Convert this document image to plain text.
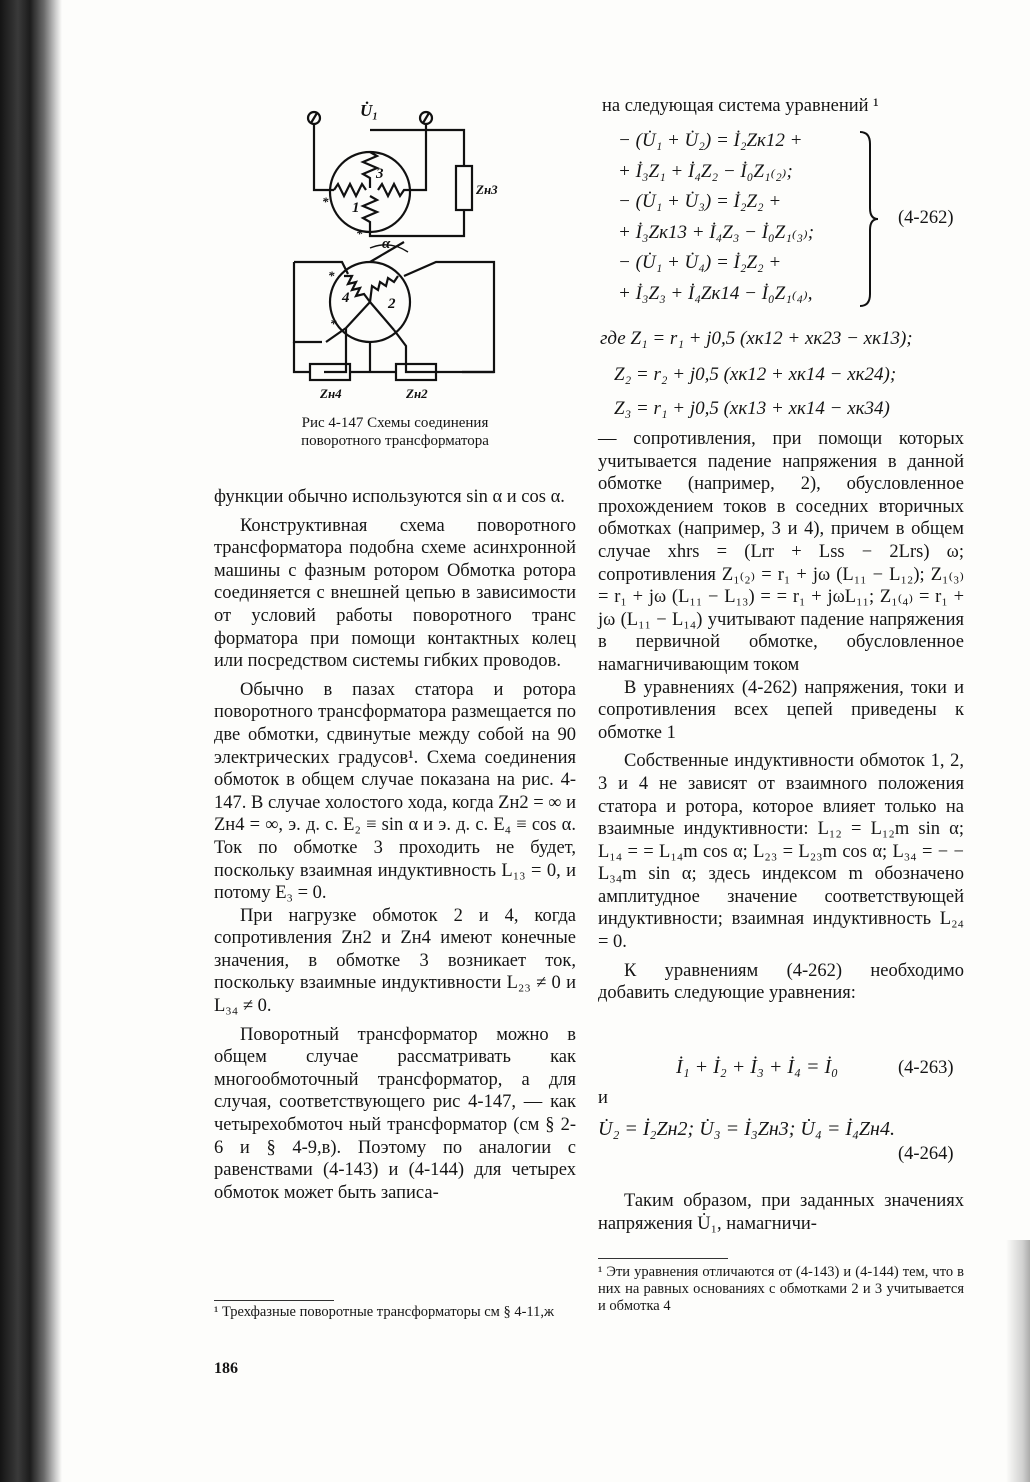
U̇₁
Zн3
3
1
*
*
α
4	2
*
*
Zн4	Zн2
Рис 4-147 Схемы соединения поворотного трансформатора

функции обычно используются sin α и cos α.

Конструктивная схема поворотного трансформатора подобна схеме асинхронной машины с фазным ротором Обмотка ротора соединяется с внешней цепью в зависимости от условий работы поворотного транс форматора при помощи контактных колец или посредством системы гибких проводов.

Обычно в пазах статора и ротора поворотного трансформатора размещается по две обмотки, сдвинутые между собой на 90 электрических градусов¹. Схема соединения обмоток в общем случае показана на рис. 4-147. В случае холостого хода, когда Zн2 = ∞ и Zн4 = ∞, э. д. с. E₂ ≡ sin α и э. д. с. E₄ ≡ cos α. Ток по обмотке 3 проходить не будет, поскольку взаимная индуктивность L₁₃ = 0, и потому E₃ = 0.

При нагрузке обмоток 2 и 4, когда сопротивления Zн2 и Zн4 имеют конечные значения, в обмотке 3 возникает ток, поскольку взаимные индуктивности L₂₃ ≠ 0 и L₃₄ ≠ 0.

Поворотный трансформатор можно в общем случае рассматривать как многообмоточный трансформатор, а для случая, соответствующего рис 4-147, — как четырехобмоточ ный трансформатор (см § 2-6 и § 4-9,в). Поэтому по аналогии с равенствами (4-143) и (4-144) для четырех обмоток может быть записа-

¹ Трехфазные поворотные трансформаторы см § 4-11,ж
186
на следующая система уравнений ¹
− (U̇₁ + U̇₂) = İ₂Zк12 +
+ İ₃Z₁ + İ₄Z₂ − İ₀Z₁₍₂₎;
− (U̇₁ + U̇₃) = İ₂Z₂ +
+ İ₃Zк13 + İ₄Z₃ − İ₀Z₁₍₃₎;
− (U̇₁ + U̇₄) = İ₂Z₂ +
+ İ₃Z₃ + İ₄Zк14 − İ₀Z₁₍₄₎,
(4-262)
где Z₁ = r₁ + j0,5 (xк12 + xк23 − xк13);
Z₂ = r₂ + j0,5 (xк12 + xк14 − xк24);
Z₃ = r₁ + j0,5 (xк13 + xк14 − xк34)

— сопротивления, при помощи которых учитывается падение напряжения в данной обмотке (например, 2), обусловленное прохождением токов в соседних вторичных обмотках (например, 3 и 4), причем в общем случае xhrs = (Lrr + Lss − 2Lrs) ω; сопротивления Z₁₍₂₎ = r₁ + jω (L₁₁ − L₁₂); Z₁₍₃₎ = r₁ + jω (L₁₁ − L₁₃) = = r₁ + jωL₁₁; Z₁₍₄₎ = r₁ + jω (L₁₁ − L₁₄) учитывают падение напряжения в первичной обмотке, обусловленное намагничивающим током

В уравнениях (4-262) напряжения, токи и сопротивления всех цепей приведены к обмотке 1

Собственные индуктивности обмоток 1, 2, 3 и 4 не зависят от взаимного положения статора и ротора, которое влияет только на взаимные индуктивности: L₁₂ = L₁₂m sin α; L₁₄ = = L₁₄m cos α; L₂₃ = L₂₃m cos α; L₃₄ = − − L₃₄m sin α; здесь индексом m обозначено амплитудное значение соответствующей индуктивности; взаимная индуктивность L₂₄ = 0.

К уравнениям (4-262) необходимо добавить следующие уравнения:

İ₁ + İ₂ + İ₃ + İ₄ = İ₀	(4-263)
и
U̇₂ = İ₂Zн2; U̇₃ = İ₃Zн3; U̇₄ = İ₄Zн4.
(4-264)

Таким образом, при заданных значениях напряжения U̇₁, намагничи-

¹ Эти уравнения отличаются от (4-143) и (4-144) тем, что в них на равных основаниях с обмотками 2 и 3 учитывается и обмотка 4
